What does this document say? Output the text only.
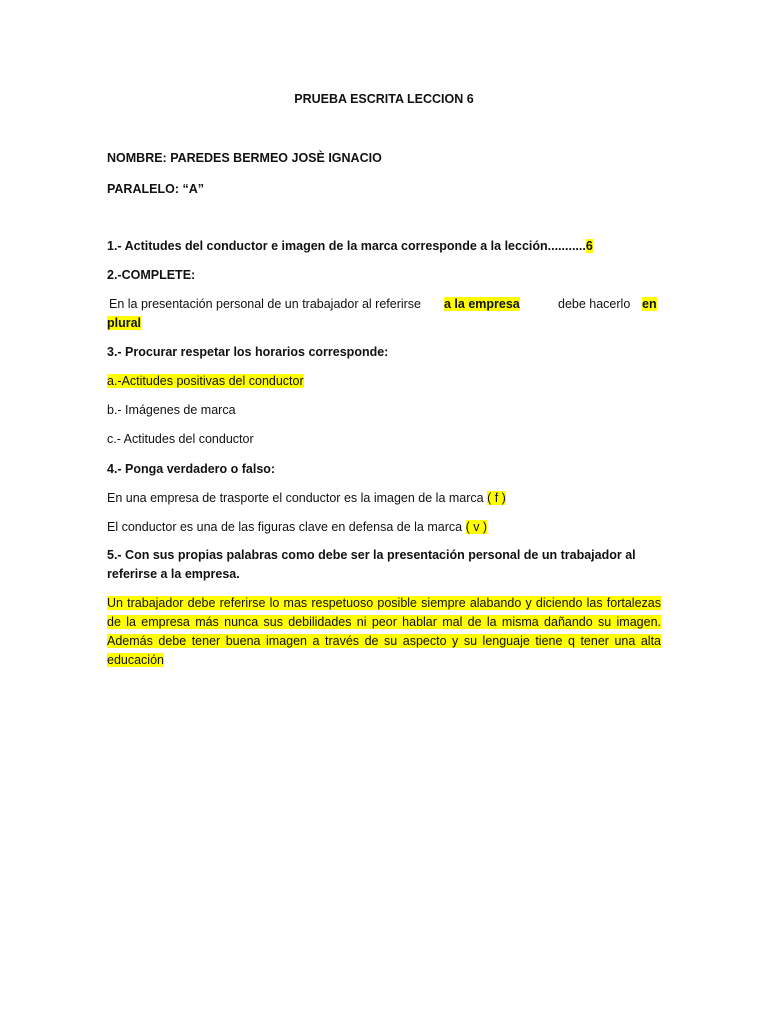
PRUEBA ESCRITA LECCION 6
NOMBRE: PAREDES BERMEO JOSÈ IGNACIO
PARALELO: “A”
1.- Actitudes del conductor e imagen de la marca corresponde a la lección...........6
2.-COMPLETE:
En la presentación personal de un trabajador al referirse a la empresa	debe hacerlo en
plural
3.- Procurar respetar los horarios corresponde:
a.-Actitudes positivas del conductor
b.- Imágenes de marca
c.- Actitudes del conductor
4.- Ponga verdadero o falso:
En una empresa de trasporte el conductor es la imagen de la marca ( f )
El conductor es una de las figuras clave en defensa de la marca ( v )
5.- Con sus propias palabras como debe ser la presentación personal de un trabajador al
referirse a la empresa.
Un trabajador debe referirse lo mas respetuoso posible siempre alabando y diciendo las fortalezas de la empresa más nunca sus debilidades ni peor hablar mal de la misma dañando su imagen. Además debe tener buena imagen a través de su aspecto y su lenguaje tiene q tener una alta educación
